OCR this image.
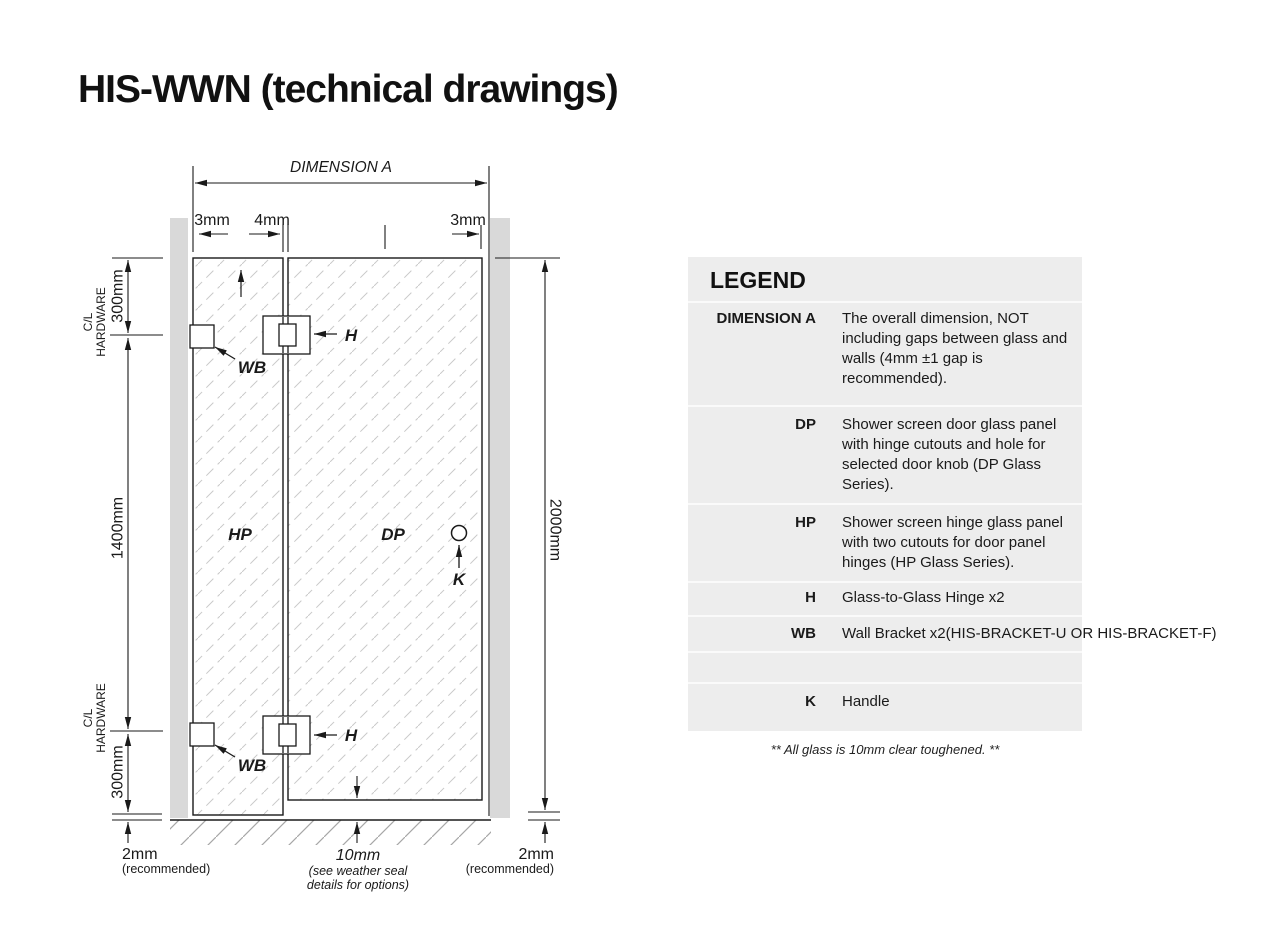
HIS-WWN (technical drawings)
DIMENSION A
3mm 4mm	3mm
300mm
C/L HARDWARE
1400mm
C/L HARDWARE
300mm
2000mm
HP	DP
H
H
WB
WB
K
2mm
(recommended)
10mm
(see weather seal
details for options)
2mm
(recommended)
LEGEND
DIMENSION A The overall dimension, NOT including gaps between glass and walls (4mm ±1 gap is recommended).
DP Shower screen door glass panel with hinge cutouts and hole for selected door knob (DP Glass Series).
HP Shower screen hinge glass panel with two cutouts for door panel hinges (HP Glass Series).
H Glass-to-Glass Hinge x2
WB Wall Bracket x2(HIS-BRACKET-U OR HIS-BRACKET-F)
K Handle
** All glass is 10mm clear toughened. **
